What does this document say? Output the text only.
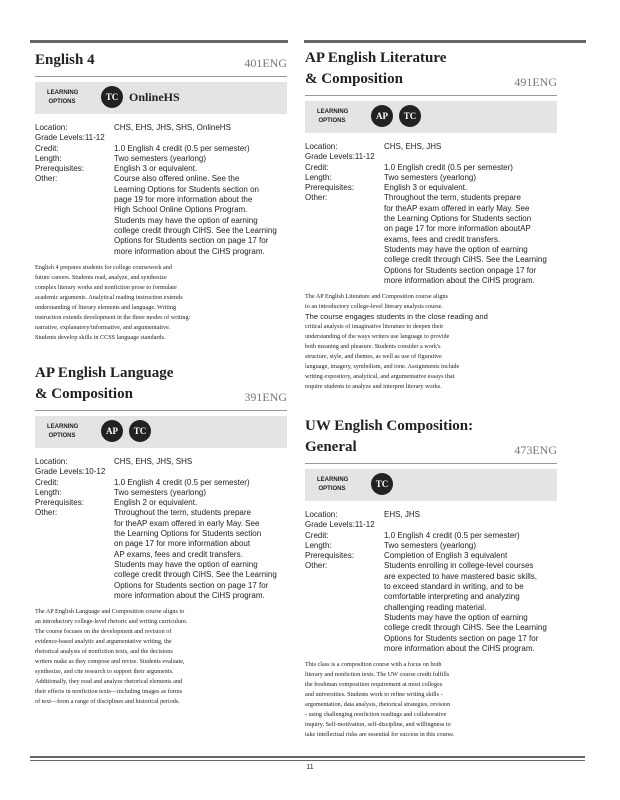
English 4	401ENG
LEARNING OPTIONS	TC OnlineHS
Location:	CHS, EHS, JHS, SHS, OnlineHS
Grade Levels: 11-12
Credit:	1.0 English 4 credit (0.5 per semester)
Length:	Two semesters (yearlong)
Prerequisites:	English 3 or equivalent.
Other:	Course also offered online. See the
Learning Options for Students section on
page 19 for more information about the
High School Online Options Program.
Students may have the option of earning
college credit through CiHS. See the Learning
Options for Students section on page 17 for
more information about the CiHS program.
English 4 prepares students for college coursework and
future careers. Students read, analyze, and synthesize
complex literary works and nonfiction prose to formulate
academic arguments. Analytical reading instruction extends
understanding of literary elements and language. Writing
instruction extends development in the three modes of writing:
narrative, explanatory/informative, and argumentative.
Students develop skills in CCSS language standards.
AP English Language
& Composition	391ENG
LEARNING OPTIONS	AP	TC
Location:	CHS, EHS, JHS, SHS
Grade Levels: 10-12
Credit:	1.0 English 4 credit (0.5 per semester)
Length:	Two semesters (yearlong)
Prerequisites:	English 2 or equivalent.
Other:	Throughout the term, students prepare
for theAP exam offered in early May. See
the Learning Options for Students section
on page 17 for more information about
AP exams, fees and credit transfers.
Students may have the option of earning
college credit through CiHS. See the Learning
Options for Students section on page 17 for
more information about the CiHS program.
The AP English Language and Composition course aligns to
an introductory college-level rhetoric and writing curriculum.
The course focuses on the development and revision of
evidence-based analytic and argumentative writing, the
rhetorical analysis of nonfiction texts, and the decisions
writers make as they compose and revise. Students evaluate,
synthesize, and cite research to support their arguments.
Additionally, they read and analyze rhetorical elements and
their effects in nonfiction texts—including images as forms
of text—from a range of disciplines and historical periods.
AP English Literature
& Composition	491ENG
LEARNING OPTIONS	AP	TC
Location:	CHS, EHS, JHS
Grade Levels: 11-12
Credit:	1.0 English credit (0.5 per semester)
Length:	Two semesters (yearlong)
Prerequisites:	English 3 or equivalent.
Other:	Throughout the term, students prepare
for theAP exam offered in early May. See
the Learning Options for Students section
on page 17 for more information aboutAP
exams, fees and credit transfers.
Students may have the option of earning
college credit through CiHS. See the Learning
Options for Students section onpage 17 for
more information about the CiHS program.
The AP English Literature and Composition course aligns
to an introductory college-level literary analysis course.
The course engages students in the close reading and
critical analysis of imaginative literature to deepen their
understanding of the ways writers use language to provide
both meaning and pleasure. Students consider a work's
structure, style, and themes, as well as use of figurative
language, imagery, symbolism, and tone. Assignments include
writing expository, analytical, and argumentative essays that
require students to analyze and interpret literary works.
UW English Composition:
General	473ENG
LEARNING OPTIONS	TC
Location:	EHS, JHS
Grade Levels: 11-12
Credit:	1.0 English 4 credit (0.5 per semester)
Length:	Two semesters (yearlong)
Prerequisites:	Completion of English 3 equivalent
Other:	Students enrolling in college-level courses
are expected to have mastered basic skills,
to exceed standard in writing, and to be
comfortable interpreting and analyzing
challenging reading material.
Students may have the option of earning
college credit through CiHS. See the Learning
Options for Students section on page 17 for
more information about the CiHS program.
This class is a composition course with a focus on both
literary and nonfiction texts. The UW course credit fulfills
the freshman composition requirement at most colleges
and universities. Students work to refine writing skills -
argumentation, data analysis, rhetorical strategies, revision
- using challenging nonfiction readings and collaborative
inquiry. Self-motivation, self-discipline, and willingness to
take intellectual risks are essential for success in this course.
11
